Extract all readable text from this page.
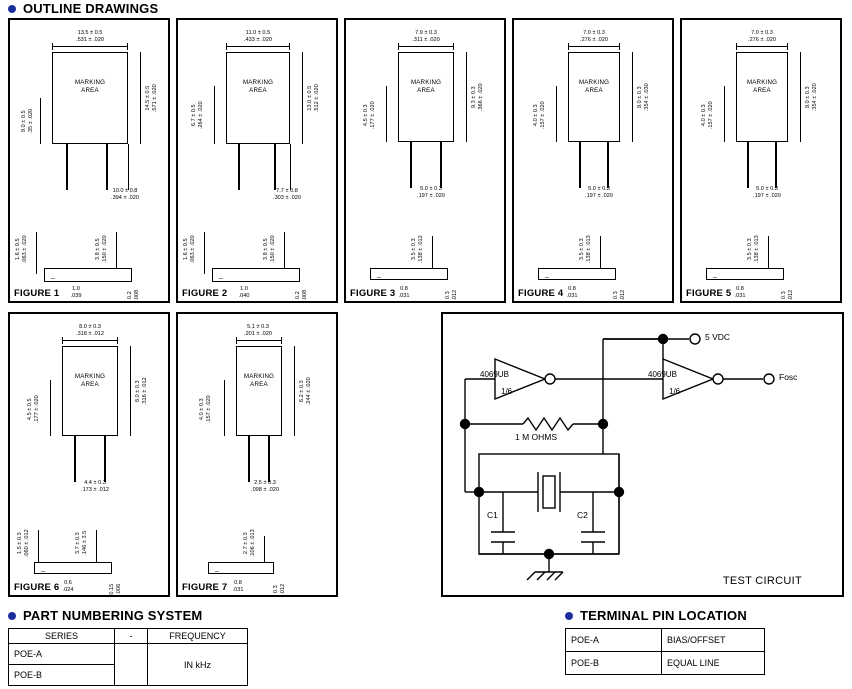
OUTLINE DRAWINGS
FIGURE 1
13.5 ± 0.5
.531 ± .020
MARKING
AREA	14.5 ± 0.5 .571 ± .020
9.0 ± 0.5 .35 ± .020
10.0 ± 0.8
.394 ± .020
1.6 ± 0.5 .063 ± .020	3.8 ± 0.5 .150 ± .020
_
1.0
.039	0.2 .008	FIGURE 2
11.0 ± 0.5
.433 ± .020
MARKING
AREA	13.0 ± 0.5 .512 ± .020
6.7 ± 0.5 .264 ± .020
7.7 ± 0.8
.303 ± .020
1.6 ± 0.5 .063 ± .020	3.8 ± 0.5 .150 ± .020
_
1.0
.040	0.2 .008	FIGURE 3
7.9 ± 0.3
.311 ± .020
MARKING
AREA	9.3 ± 0.3 .366 ± .020
4.5 ± 0.3 .177 ± .020
5.0 ± 0.3
.197 ± .020
3.5 ± 0.3 .138 ± .012
_
0.8
.031	0.3 .012	FIGURE 4
7.0 ± 0.3
.276 ± .020
MARKING
AREA	9.0 ± 0.3 .354 ± .030
4.0 ± 0.3 .157 ± .020
5.0 ± 0.3
.197 ± .020
3.5 ± 0.3 .138 ± .013
_
0.8
.031	0.3 .012	FIGURE 5
7.0 ± 0.3
.276 ± .020
MARKING
AREA	9.0 ± 0.3 .354 ± .020
4.0 ± 0.3 .157 ± .020
5.0 ± 0.3
.197 ± .020
3.5 ± 0.3 .138 ± .013
_
0.8
.031	0.3 .012
FIGURE 6
8.0 ± 0.3
.318 ± .012
MARKING
AREA	8.0 ± 0.3 .316 ± .012
4.5 ± 0.5 .177 ± .020
4.4 ± 0.3
.173 ± .012
1.5 ± 0.3 .060 ± .012	3.7 ± 0.3 .146 ± 3.5
_
0.6
.024	0.15 .006	FIGURE 7
5.1 ± 0.3
.201 ± .020
MARKING
AREA	6.2 ± 0.3 .244 ± .020
4.0 ± 0.3 .157 ± .020
2.5 ± 0.3
.098 ± .020
2.7 ± 0.3 .106 ± .013
_
0.8
.031	0.3 .012
5 VDC
Fosc
4069UB
1/6
4069UB
1/6
1 M OHMS
C1	C2
TEST CIRCUIT
PART NUMBERING SYSTEM
SERIES	-	FREQUENCY
POE-A		IN kHz
POE-B		
TERMINAL PIN LOCATION
POE-A	BIAS/OFFSET
POE-B	EQUAL LINE
